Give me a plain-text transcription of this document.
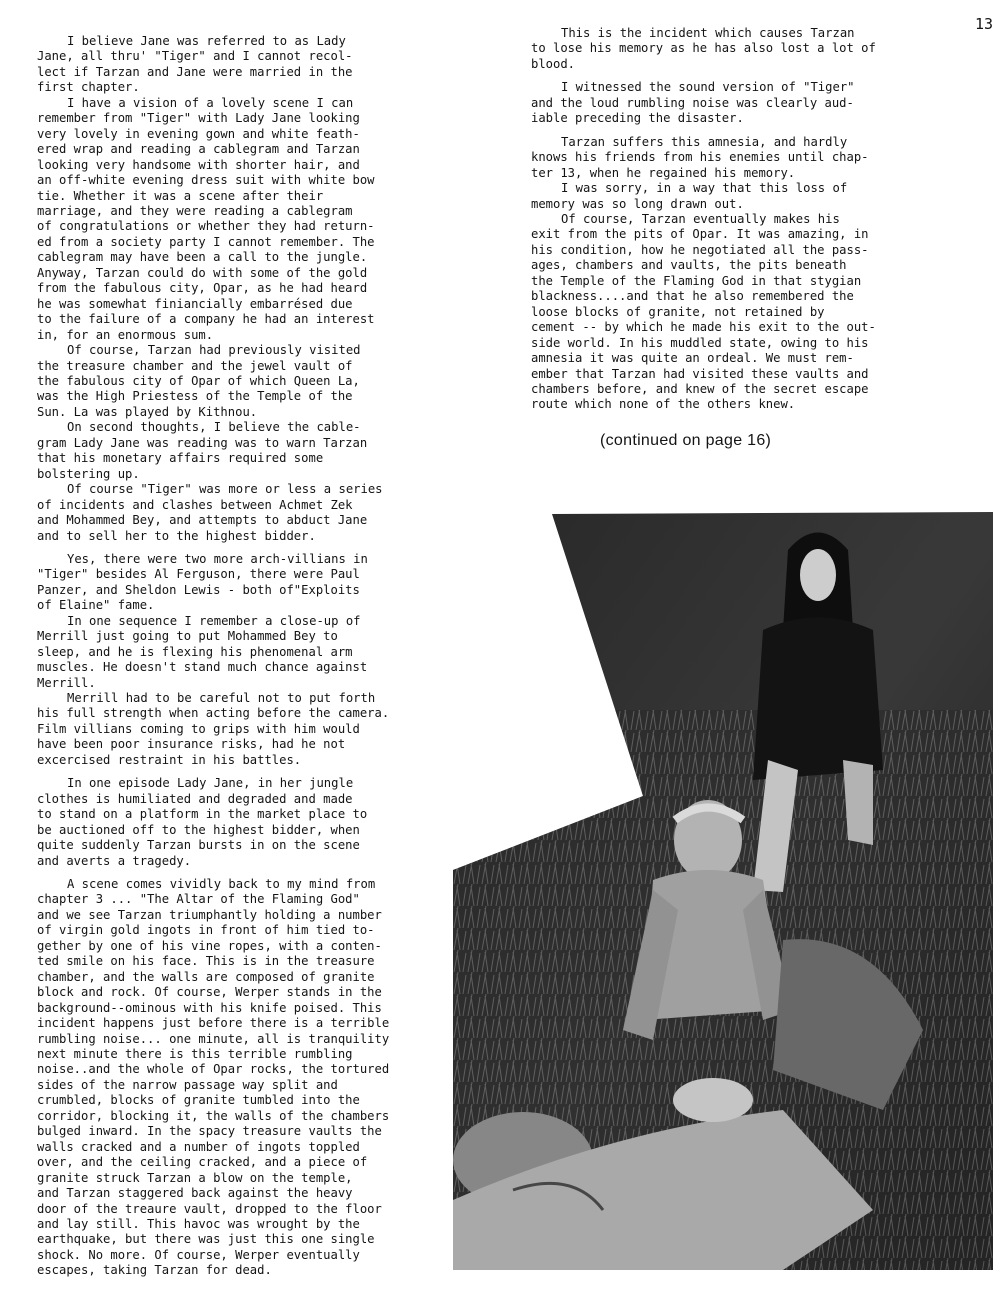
13

I believe Jane was referred to as Lady
Jane, all thru' "Tiger" and I cannot recol-
lect if Tarzan and Jane were married in the
first chapter.

I have a vision of a lovely scene I can
remember from "Tiger" with Lady Jane looking
very lovely in evening gown and white feath-
ered wrap and reading a cablegram and Tarzan
looking very handsome with shorter hair, and
an off-white evening dress suit with white bow
tie. Whether it was a scene after their
marriage, and they were reading a cablegram
of congratulations or whether they had return-
ed from a society party I cannot remember. The
cablegram may have been a call to the jungle.
Anyway, Tarzan could do with some of the gold
from the fabulous city, Opar, as he had heard
he was somewhat finiancially embarrésed due
to the failure of a company he had an interest
in, for an enormous sum.

Of course, Tarzan had previously visited
the treasure chamber and the jewel vault of
the fabulous city of Opar of which Queen La,
was the High Priestess of the Temple of the
Sun. La was played by Kithnou.

On second thoughts, I believe the cable-
gram Lady Jane was reading was to warn Tarzan
that his monetary affairs required some
bolstering up.

Of course "Tiger" was more or less a series
of incidents and clashes between Achmet Zek
and Mohammed Bey, and attempts to abduct Jane
and to sell her to the highest bidder.

Yes, there were two more arch-villians in
"Tiger" besides Al Ferguson, there were Paul
Panzer, and Sheldon Lewis - both of"Exploits
of Elaine" fame.

In one sequence I remember a close-up of
Merrill just going to put Mohammed Bey to
sleep, and he is flexing his phenomenal arm
muscles. He doesn't stand much chance against
Merrill.

Merrill had to be careful not to put forth
his full strength when acting before the camera.
Film villians coming to grips with him would
have been poor insurance risks, had he not
excercised restraint in his battles.

In one episode Lady Jane, in her jungle
clothes is humiliated and degraded and made
to stand on a platform in the market place to
be auctioned off to the highest bidder, when
quite suddenly Tarzan bursts in on the scene
and averts a tragedy.

A scene comes vividly back to my mind from
chapter 3 ... "The Altar of the Flaming God"
and we see Tarzan triumphantly holding a number
of virgin gold ingots in front of him tied to-
gether by one of his vine ropes, with a conten-
ted smile on his face. This is in the treasure
chamber, and the walls are composed of granite
block and rock. Of course, Werper stands in the
background--ominous with his knife poised. This
incident happens just before there is a terrible
rumbling noise... one minute, all is tranquility
next minute there is this terrible rumbling
noise..and the whole of Opar rocks, the tortured
sides of the narrow passage way split and
crumbled, blocks of granite tumbled into the
corridor, blocking it, the walls of the chambers
bulged inward. In the spacy treasure vaults the
walls cracked and a number of ingots toppled
over, and the ceiling cracked, and a piece of
granite struck Tarzan a blow on the temple,
and Tarzan staggered back against the heavy
door of the treaure vault, dropped to the floor
and lay still. This havoc was wrought by the
earthquake, but there was just this one single
shock. No more. Of course, Werper eventually
escapes, taking Tarzan for dead.

This is the incident which causes Tarzan
to lose his memory as he has also lost a lot of
blood.

I witnessed the sound version of "Tiger"
and the loud rumbling noise was clearly aud-
iable preceding the disaster.

Tarzan suffers this amnesia, and hardly
knows his friends from his enemies until chap-
ter 13, when he regained his memory.

I was sorry, in a way that this loss of
memory was so long drawn out.

Of course, Tarzan eventually makes his
exit from the pits of Opar. It was amazing, in
his condition, how he negotiated all the pass-
ages, chambers and vaults, the pits beneath
the Temple of the Flaming God in that stygian
blackness....and that he also remembered the
loose blocks of granite, not retained by
cement -- by which he made his exit to the out-
side world. In his muddled state, owing to his
amnesia it was quite an ordeal. We must rem-
ember that Tarzan had visited these vaults and
chambers before, and knew of the secret escape
route which none of the others knew.

(continued on page 16)
